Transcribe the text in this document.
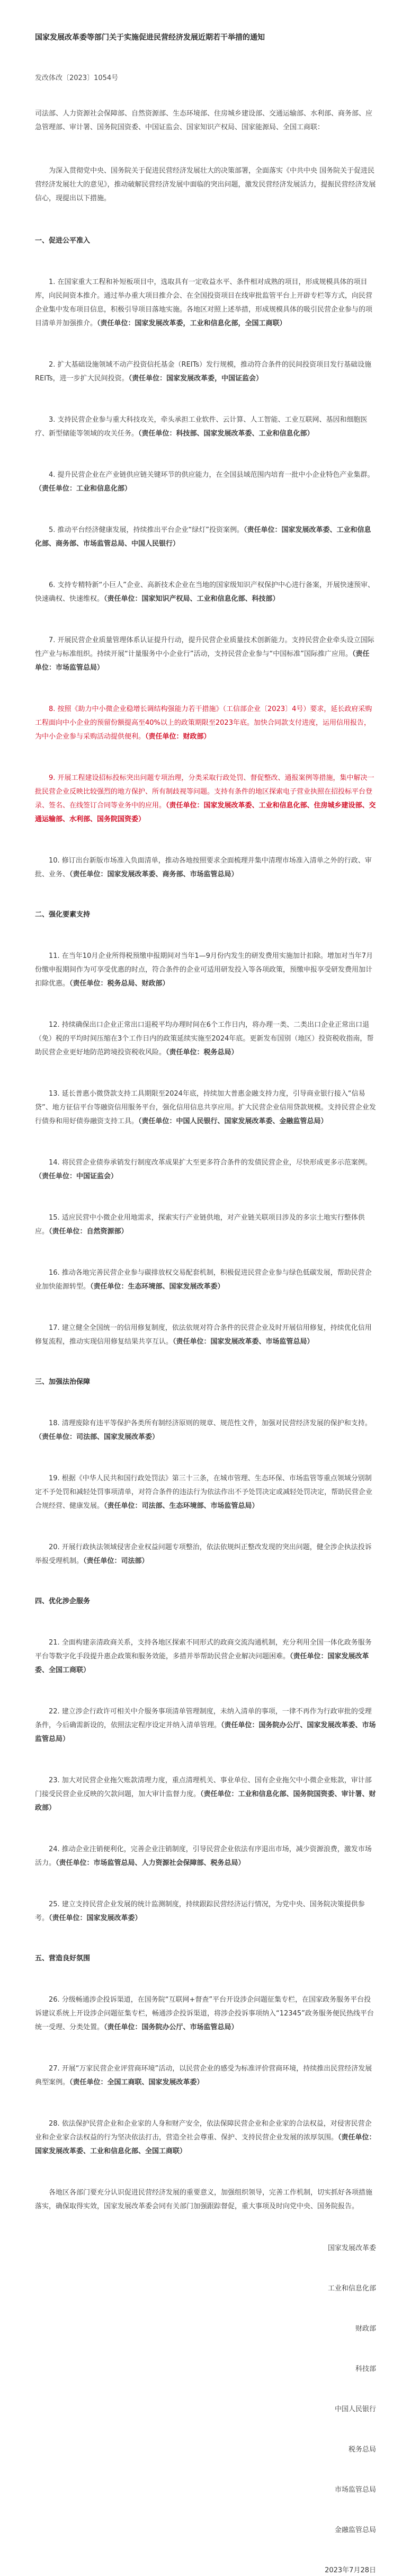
国家发展改革委等部门关于实施促进民营经济发展近期若干举措的通知
发改体改〔2023〕1054号
司法部、人力资源社会保障部、自然资源部、生态环境部、住房城乡建设部、交通运输部、水利部、商务部、应急管理部、审计署、国务院国资委、中国证监会、国家知识产权局、国家能源局、全国工商联：
为深入贯彻党中央、国务院关于促进民营经济发展壮大的决策部署，全面落实《中共中央 国务院关于促进民营经济发展壮大的意见》，推动破解民营经济发展中面临的突出问题，激发民营经济发展活力，提振民营经济发展信心，现提出以下措施。
一、促进公平准入
1. 在国家重大工程和补短板项目中，选取具有一定收益水平、条件相对成熟的项目，形成规模具体的项目库，向民间资本推介。通过举办重大项目推介会、在全国投资项目在线审批监管平台上开辟专栏等方式，向民营企业集中发布项目信息，积极引导项目落地实施。各地区对照上述举措，形成规模具体的吸引民营企业参与的项目清单并加强推介。（责任单位：国家发展改革委，工业和信息化部，全国工商联）
2. 扩大基础设施领域不动产投资信托基金（REITs）发行规模，推动符合条件的民间投资项目发行基础设施REITs，进一步扩大民间投资。（责任单位：国家发展改革委，中国证监会）
3. 支持民营企业参与重大科技攻关，牵头承担工业软件、云计算、人工智能、工业互联网、基因和细胞医疗、新型储能等领域的攻关任务。（责任单位：科技部、国家发展改革委、工业和信息化部）
4. 提升民营企业在产业链供应链关键环节的供应能力，在全国县域范围内培育一批中小企业特色产业集群。（责任单位：工业和信息化部）
5. 推动平台经济健康发展，持续推出平台企业“绿灯”投资案例。（责任单位：国家发展改革委、工业和信息化部、商务部、市场监管总局、中国人民银行）
6. 支持专精特新“小巨人”企业、高新技术企业在当地的国家级知识产权保护中心进行备案，开展快速预审、快速确权、快速维权。（责任单位：国家知识产权局、工业和信息化部、科技部）
7. 开展民营企业质量管理体系认证提升行动，提升民营企业质量技术创新能力。支持民营企业牵头设立国际性产业与标准组织。持续开展“计量服务中小企业行”活动，支持民营企业参与“中国标准”国际推广应用。（责任单位：市场监管总局）
8. 按照《助力中小微企业稳增长调结构强能力若干措施》（工信部企业〔2023〕4号）要求，延长政府采购工程面向中小企业的预留份额提高至40%以上的政策期限至2023年底。加快合同款支付进度，运用信用报告，为中小企业参与采购活动提供便利。（责任单位：财政部）
9. 开展工程建设招标投标突出问题专项治理，分类采取行政处罚、督促整改、通报案例等措施，集中解决一批民营企业反映比较强烈的地方保护、所有制歧视等问题。支持有条件的地区探索电子营业执照在招投标平台登录、签名、在线签订合同等业务中的应用。（责任单位：国家发展改革委、工业和信息化部、住房城乡建设部、交通运输部、水利部、国务院国资委）
10. 修订出台新版市场准入负面清单，推动各地按照要求全面梳理并集中清理市场准入清单之外的行政、审批、业务、（责任单位：国家发展改革委、商务部、市场监管总局）
二、强化要素支持
11. 在当年10月企业所得税预缴申报期间对当年1—9月份内发生的研发费用实施加计扣除。增加对当年7月份缴申报期间作为可享受优惠的时点，符合条件的企业可适用研发投入等各项政策，预缴申报享受研发费用加计扣除优惠。（责任单位：税务总局、财政部）
12. 持续确保出口企业正常出口退税平均办理时间在6个工作日内，将办理一类、二类出口企业正常出口退（免）税的平均时间压缩在3个工作日内的政策延续实施至2024年底。更新发布国别（地区）投资税收指南，帮助民营企业更好地防范跨境投资税收风险。（责任单位：税务总局）
13. 延长普惠小微贷款支持工具期限至2024年底，持续加大普惠金融支持力度，引导商业银行接入“信易贷”、地方征信平台等融资信用服务平台，强化信用信息共享应用。扩大民营企业信用贷款规模。支持民营企业发行债券和用好债券融资支持工具。（责任单位：中国人民银行、国家发展改革委、金融监管总局）
14. 将民营企业债券承销发行制度改革成果扩大至更多符合条件的发债民营企业，尽快形成更多示范案例。（责任单位：中国证监会）
15. 适应民营中小微企业用地需求，探索实行产业链供地，对产业链关联项目涉及的多宗土地实行整体供应。（责任单位：自然资源部）
16. 推动各地完善民营企业参与碳排放权交易配套机制，积极促进民营企业参与绿色低碳发展，帮助民营企业加快能源转型。（责任单位：生态环境部、国家发展改革委）
17. 建立健全全国统一的信用修复制度，依法依规对符合条件的民营企业及时开展信用修复，持续优化信用修复流程，推动实现信用修复结果共享互认。（责任单位：国家发展改革委、市场监管总局）
三、加强法治保障
18. 清理废除有违平等保护各类所有制经济原则的规章、规范性文件，加强对民营经济发展的保护和支持。（责任单位：司法部、国家发展改革委）
19. 根据《中华人民共和国行政处罚法》第三十三条，在城市管理、生态环保、市场监管等重点领域分别制定不予处罚和减轻处罚事项清单，对符合条件的违法行为依法作出不予处罚决定或减轻处罚决定，帮助民营企业合规经营、健康发展。（责任单位：司法部、生态环境部、市场监管总局）
20. 开展行政执法领域侵害企业权益问题专项整治，依法依规纠正整改发现的突出问题，健全涉企执法投诉举报受理机制。（责任单位：司法部）
四、优化涉企服务
21. 全面构建亲清政商关系，支持各地区探索不同形式的政商交流沟通机制，充分利用全国一体化政务服务平台等数字化手段提升惠企政策和服务效能，多措并举帮助民营企业解决问题困难。（责任单位：国家发展改革委、全国工商联）
22. 建立涉企行政许可相关中介服务事项清单管理制度，未纳入清单的事项，一律不再作为行政审批的受理条件，今后确需新设的，依照法定程序设定并纳入清单管理。（责任单位：国务院办公厅、国家发展改革委、市场监管总局）
23. 加大对民营企业拖欠账款清理力度，重点清理机关、事业单位、国有企业拖欠中小微企业账款，审计部门接受民营企业反映的欠款问题，加大审计监督力度。（责任单位：工业和信息化部、国务院国资委、审计署、财政部）
24. 推动企业注销便利化，完善企业注销制度，引导民营企业依法有序退出市场，减少资源浪费，激发市场活力。（责任单位：市场监管总局、人力资源社会保障部、税务总局）
25. 建立支持民营企业发展的统计监测制度，持续跟踪民营经济运行情况，为党中央、国务院决策提供参考。（责任单位：国家发展改革委）
五、营造良好氛围
26. 分级畅通涉企投诉渠道，在国务院“互联网+督查”平台开设涉企问题征集专栏，在国家政务服务平台投诉建议系统上开设涉企问题征集专栏，畅通涉企投诉渠道，将涉企投诉事项纳入“12345”政务服务便民热线平台统一受理、分类处置。（责任单位：国务院办公厅、市场监管总局）
27. 开展“万家民营企业评营商环境”活动，以民营企业的感受为标准评价营商环境，持续推出民营经济发展典型案例。（责任单位：全国工商联、国家发展改革委）
28. 依法保护民营企业和企业家的人身和财产安全，依法保障民营企业和企业家的合法权益，对侵害民营企业和企业家合法权益的行为坚决依法打击，营造全社会尊重、保护、支持民营企业发展的浓厚氛围。（责任单位：国家发展改革委、工业和信息化部、全国工商联）
各地区各部门要充分认识促进民营经济发展的重要意义，加强组织领导，完善工作机制，切实抓好各项措施落实，确保取得实效，国家发展改革委会同有关部门加强跟踪督促，重大事项及时向党中央、国务院报告。
国家发展改革委
工业和信息化部
财政部
科技部
中国人民银行
税务总局
市场监管总局
金融监管总局
2023年7月28日
